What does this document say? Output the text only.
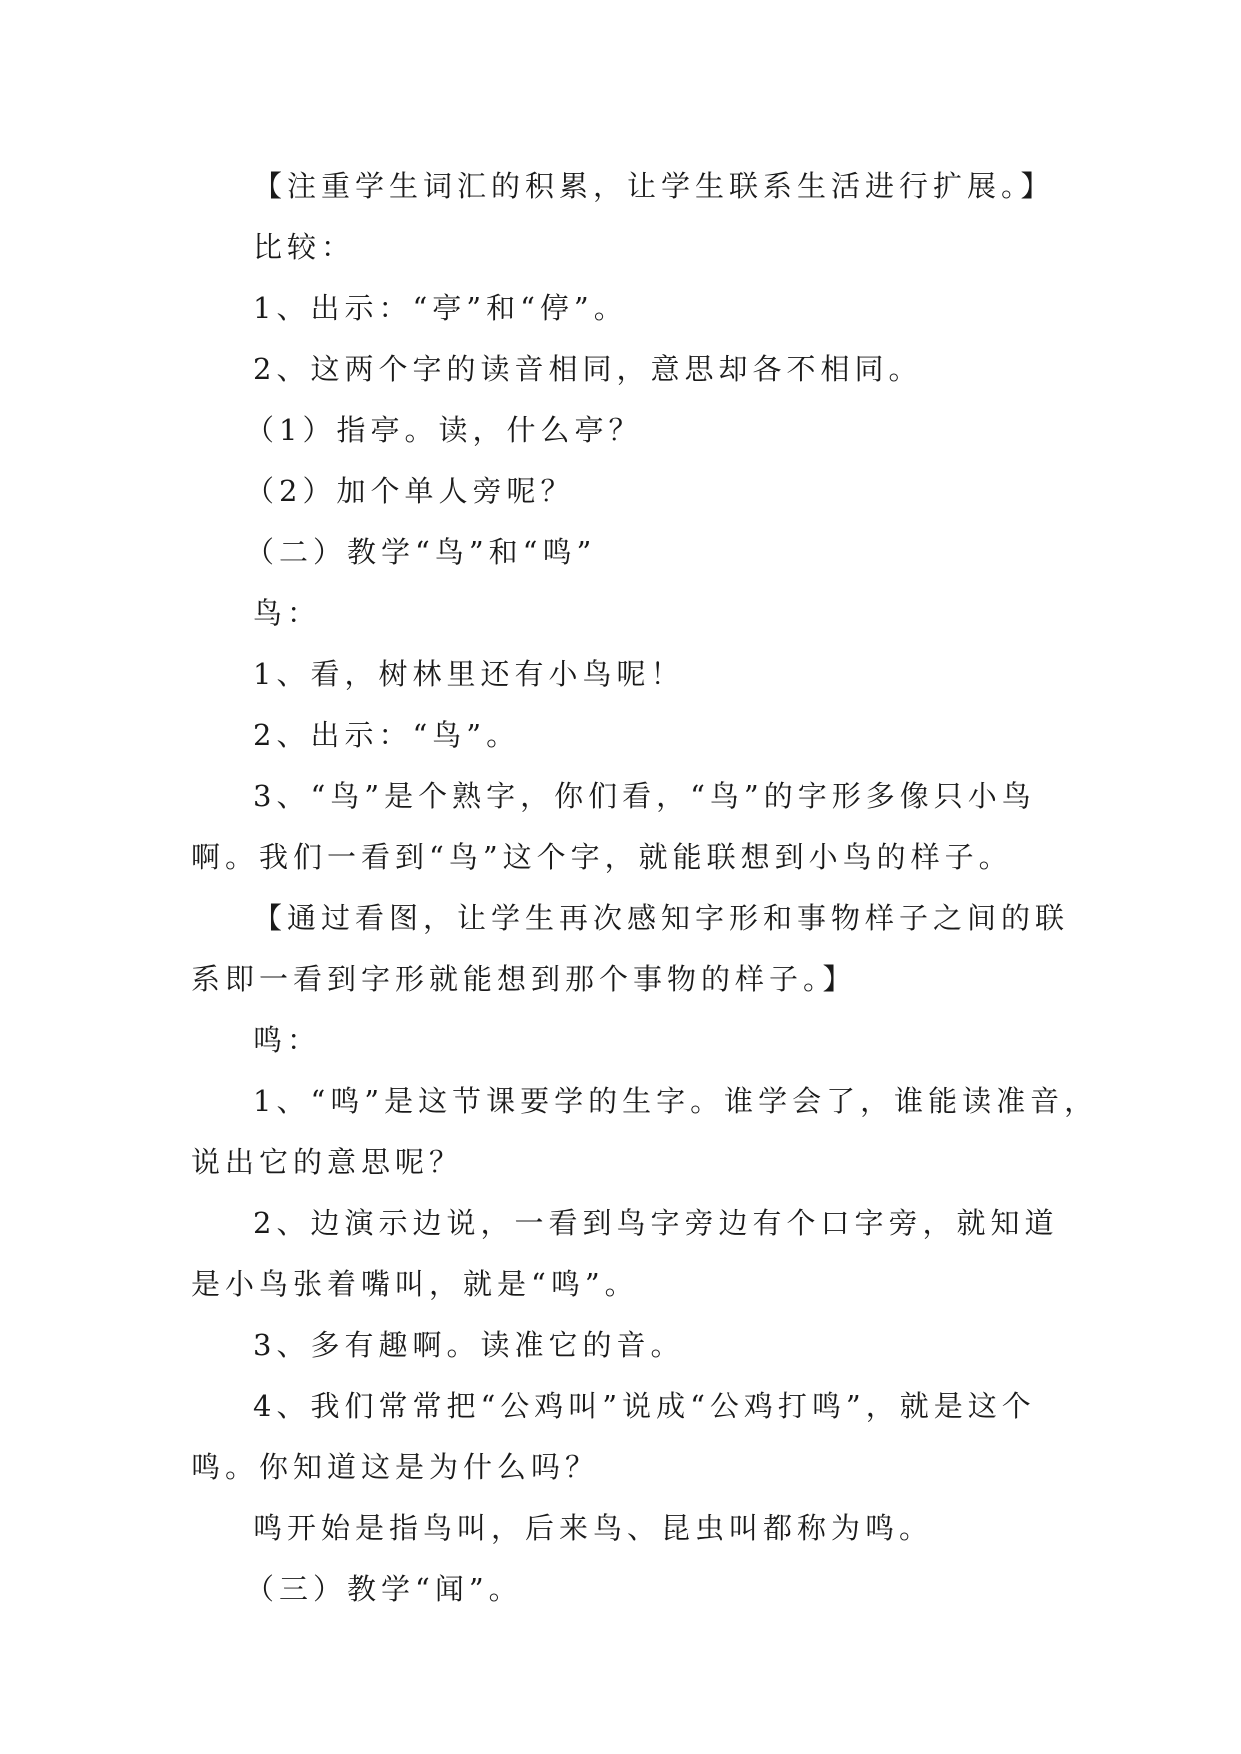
【注重学生词汇的积累，让学生联系生活进行扩展。】

比较：

1、出示：“亭”和“停”。

2、这两个字的读音相同，意思却各不相同。

（1）指亭。读，什么亭？

（2）加个单人旁呢？

（二）教学“鸟”和“鸣”

鸟：

1、看，树林里还有小鸟呢！

2、出示：“鸟”。

3、“鸟”是个熟字，你们看，“鸟”的字形多像只小鸟

啊。我们一看到“鸟”这个字，就能联想到小鸟的样子。

【通过看图，让学生再次感知字形和事物样子之间的联

系即一看到字形就能想到那个事物的样子。】

鸣：

1、“鸣”是这节课要学的生字。谁学会了，谁能读准音，

说出它的意思呢？

2、边演示边说，一看到鸟字旁边有个口字旁，就知道

是小鸟张着嘴叫，就是“鸣”。

3、多有趣啊。读准它的音。

4、我们常常把“公鸡叫”说成“公鸡打鸣”，就是这个

鸣。你知道这是为什么吗？

鸣开始是指鸟叫，后来鸟、昆虫叫都称为鸣。

（三）教学“闻”。
